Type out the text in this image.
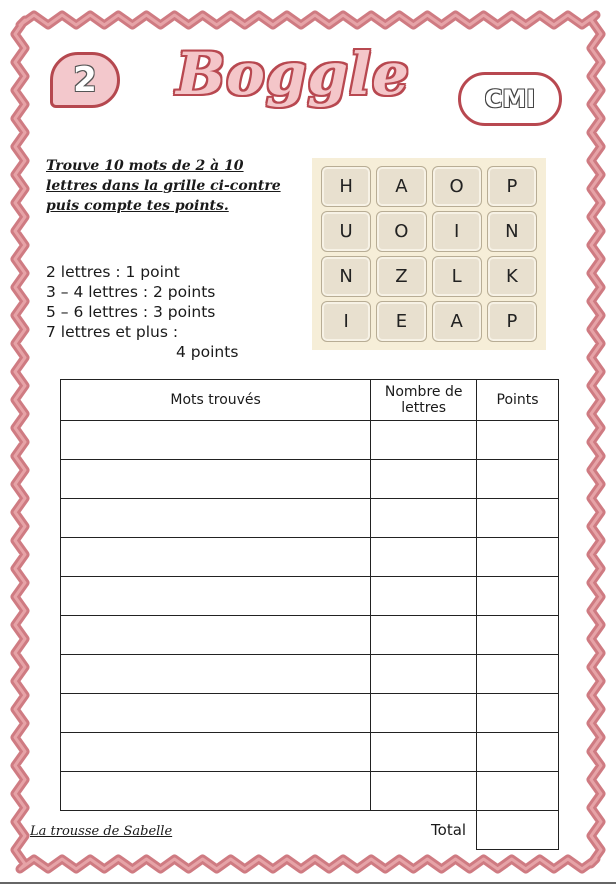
2	Boggle	CMI
Trouve 10 mots de 2 à 10 lettres dans la grille ci-contre puis compte tes points.
2 lettres : 1 point
3 – 4 lettres : 2 points
5 – 6 lettres : 3 points
7 lettres et plus :
4 points
H	A	O	P
U	O	I	N
N	Z	L	K
I	E	A	P
Mots trouvés	Nombre de lettres	Points

	Total	
La trousse de Sabelle
